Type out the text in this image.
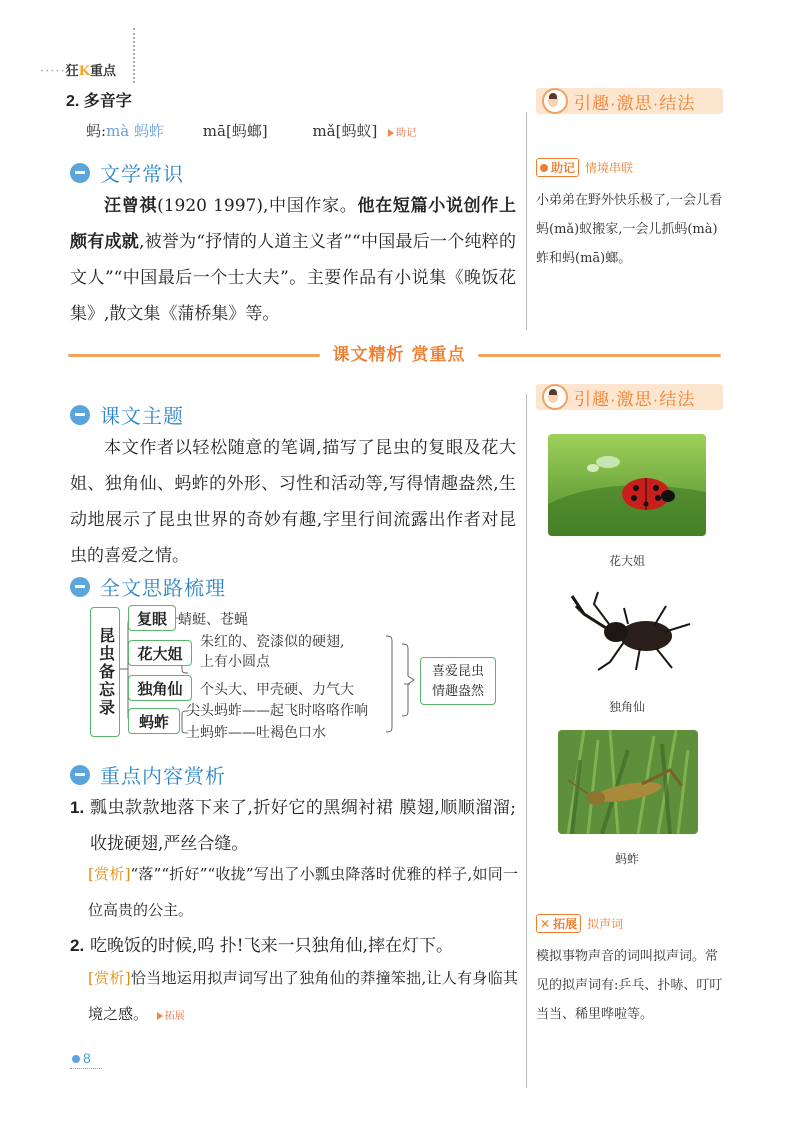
·····狂K重点
2. 多音字
蚂:mà 蚂蚱	mā[蚂螂]	mǎ[蚂蚁] 助记
文学常识
汪曾祺(1920 1997),中国作家。他在短篇小说创作上颇有成就,被誉为“抒情的人道主义者”“中国最后一个纯粹的文人”“中国最后一个士大夫”。主要作品有小说集《晚饭花集》,散文集《蒲桥集》等。
课文精析 赏重点
课文主题
本文作者以轻松随意的笔调,描写了昆虫的复眼及花大姐、独角仙、蚂蚱的外形、习性和活动等,写得情趣盎然,生动地展示了昆虫世界的奇妙有趣,字里行间流露出作者对昆虫的喜爱之情。
全文思路梳理
昆虫备忘录
复眼 蜻蜓、苍蝇
花大姐
朱红的、瓷漆似的硬翅,
上有小圆点
独角仙	个头大、甲壳硬、力气大
蚂蚱
尖头蚂蚱——起飞时咯咯作响
土蚂蚱——吐褐色口水
喜爱昆虫
情趣盎然
重点内容赏析
1. 瓢虫款款地落下来了,折好它的黑绸衬裙 膜翅,顺顺溜溜;收拢硬翅,严丝合缝。
[赏析]“落”“折好”“收拢”写出了小瓢虫降落时优雅的样子,如同一位高贵的公主。
2. 吃晚饭的时候,呜 扑!飞来一只独角仙,摔在灯下。
[赏析]恰当地运用拟声词写出了独角仙的莽撞笨拙,让人有身临其境之感。 拓展
8
引趣·激思·结法
助记 情境串联
小弟弟在野外快乐极了,一会儿看蚂(mǎ)蚁搬家,一会儿抓蚂(mà)蚱和蚂(mā)螂。
引趣·激思·结法
花大姐
独角仙
蚂蚱
✕ 拓展 拟声词
模拟事物声音的词叫拟声词。常见的拟声词有:乒乓、扑哧、叮叮当当、稀里哗啦等。
